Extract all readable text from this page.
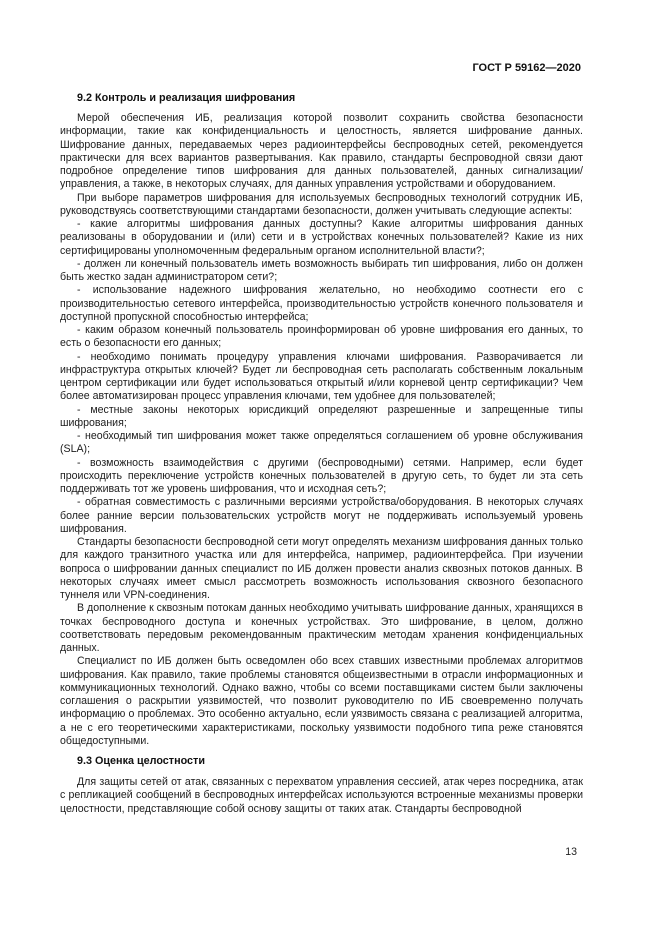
ГОСТ Р 59162—2020
9.2 Контроль и реализация шифрования

Мерой обеспечения ИБ, реализация которой позволит сохранить свойства безопасности информации, такие как конфиденциальность и целостность, является шифрование данных. Шифрование данных, передаваемых через радиоинтерфейсы беспроводных сетей, рекомендуется практически для всех вариантов развертывания. Как правило, стандарты беспроводной связи дают подробное определение типов шифрования для данных пользователей, данных сигнализации/управления, а также, в некоторых случаях, для данных управления устройствами и оборудованием.

При выборе параметров шифрования для используемых беспроводных технологий сотрудник ИБ, руководствуясь соответствующими стандартами безопасности, должен учитывать следующие аспекты:

- какие алгоритмы шифрования данных доступны? Какие алгоритмы шифрования данных реализованы в оборудовании и (или) сети и в устройствах конечных пользователей? Какие из них сертифицированы уполномоченным федеральным органом исполнительной власти?;

- должен ли конечный пользователь иметь возможность выбирать тип шифрования, либо он должен быть жестко задан администратором сети?;

- использование надежного шифрования желательно, но необходимо соотнести его с производительностью сетевого интерфейса, производительностью устройств конечного пользователя и доступной пропускной способностью интерфейса;

- каким образом конечный пользователь проинформирован об уровне шифрования его данных, то есть о безопасности его данных;

- необходимо понимать процедуру управления ключами шифрования. Разворачивается ли инфраструктура открытых ключей? Будет ли беспроводная сеть располагать собственным локальным центром сертификации или будет использоваться открытый и/или корневой центр сертификации? Чем более автоматизирован процесс управления ключами, тем удобнее для пользователей;

- местные законы некоторых юрисдикций определяют разрешенные и запрещенные типы шифрования;

- необходимый тип шифрования может также определяться соглашением об уровне обслуживания (SLA);

- возможность взаимодействия с другими (беспроводными) сетями. Например, если будет происходить переключение устройств конечных пользователей в другую сеть, то будет ли эта сеть поддерживать тот же уровень шифрования, что и исходная сеть?;

- обратная совместимость с различными версиями устройства/оборудования. В некоторых случаях более ранние версии пользовательских устройств могут не поддерживать используемый уровень шифрования.

Стандарты безопасности беспроводной сети могут определять механизм шифрования данных только для каждого транзитного участка или для интерфейса, например, радиоинтерфейса. При изучении вопроса о шифровании данных специалист по ИБ должен провести анализ сквозных потоков данных. В некоторых случаях имеет смысл рассмотреть возможность использования сквозного безопасного туннеля или VPN-соединения.

В дополнение к сквозным потокам данных необходимо учитывать шифрование данных, хранящихся в точках беспроводного доступа и конечных устройствах. Это шифрование, в целом, должно соответствовать передовым рекомендованным практическим методам хранения конфиденциальных данных.

Специалист по ИБ должен быть осведомлен обо всех ставших известными проблемах алгоритмов шифрования. Как правило, такие проблемы становятся общеизвестными в отрасли информационных и коммуникационных технологий. Однако важно, чтобы со всеми поставщиками систем были заключены соглашения о раскрытии уязвимостей, что позволит руководителю по ИБ своевременно получать информацию о проблемах. Это особенно актуально, если уязвимость связана с реализацией алгоритма, а не с его теоретическими характеристиками, поскольку уязвимости подобного типа реже становятся общедоступными.

9.3 Оценка целостности

Для защиты сетей от атак, связанных с перехватом управления сессией, атак через посредника, атак с репликацией сообщений в беспроводных интерфейсах используются встроенные механизмы проверки целостности, представляющие собой основу защиты от таких атак. Стандарты беспроводной

13
